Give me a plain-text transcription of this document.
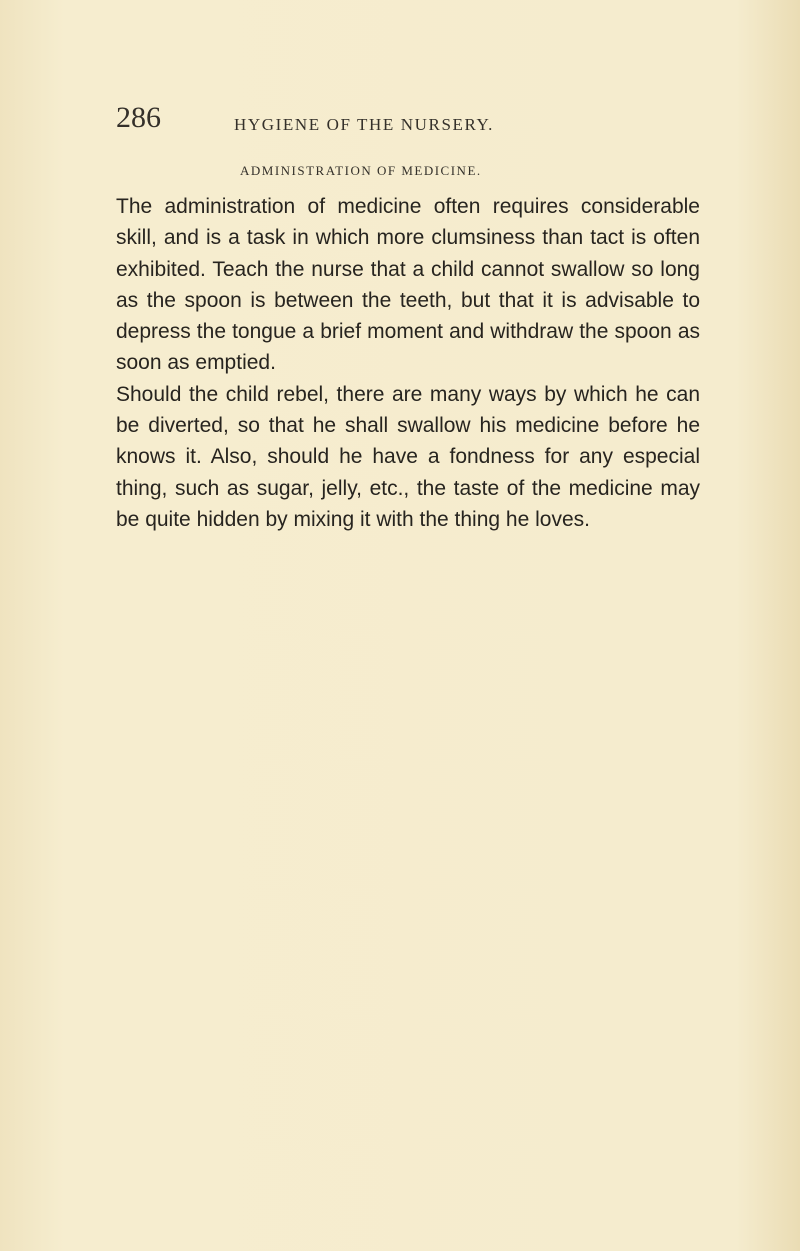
286	HYGIENE OF THE NURSERY.
ADMINISTRATION OF MEDICINE.

The administration of medicine often requires considerable skill, and is a task in which more clumsiness than tact is often exhibited. Teach the nurse that a child cannot swallow so long as the spoon is between the teeth, but that it is advisable to depress the tongue a brief moment and withdraw the spoon as soon as emptied.

Should the child rebel, there are many ways by which he can be diverted, so that he shall swallow his medicine before he knows it. Also, should he have a fondness for any especial thing, such as sugar, jelly, etc., the taste of the medicine may be quite hidden by mixing it with the thing he loves.
